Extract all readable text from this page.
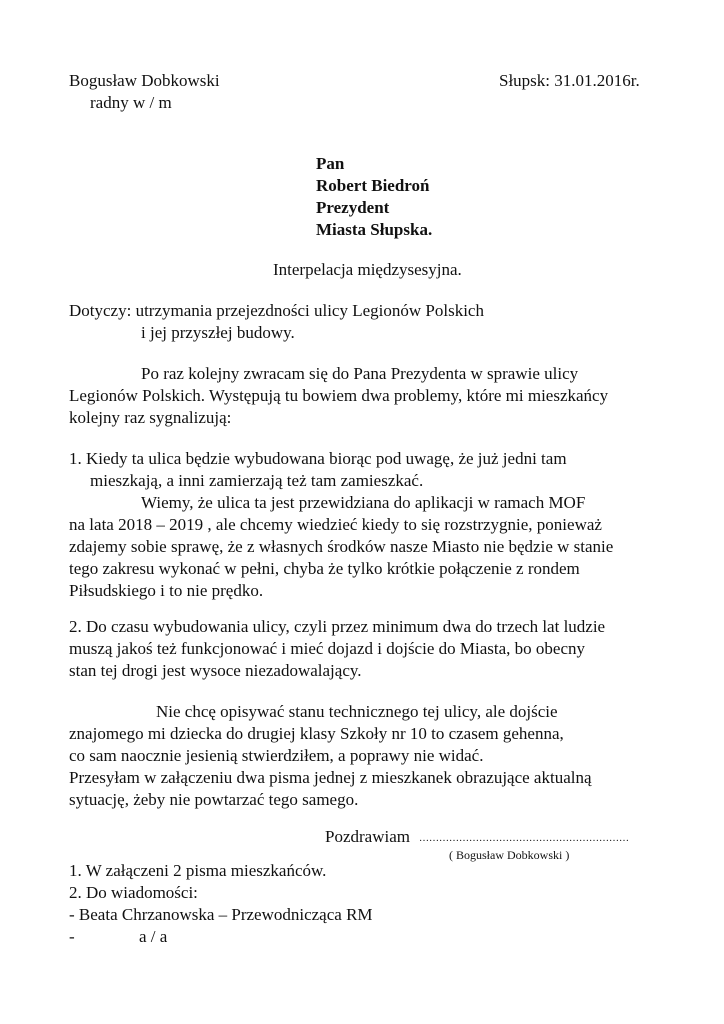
Bogusław Dobkowski
radny w / m
Słupsk: 31.01.2016r.
Pan
Robert Biedroń
Prezydent
Miasta Słupska.
Interpelacja międzysesyjna.
Dotyczy: utrzymania przejezdności ulicy Legionów Polskich
i jej przyszłej budowy.
Po raz kolejny zwracam się do Pana Prezydenta w sprawie ulicy
Legionów Polskich. Występują tu bowiem dwa problemy, które mi mieszkańcy
kolejny raz sygnalizują:
1. Kiedy ta ulica będzie wybudowana biorąc pod uwagę, że już jedni tam
mieszkają, a inni zamierzają też tam zamieszkać.
Wiemy, że ulica ta jest przewidziana do aplikacji w ramach MOF
na lata 2018 – 2019 , ale chcemy wiedzieć kiedy to się rozstrzygnie, ponieważ
zdajemy sobie sprawę, że z własnych środków nasze Miasto nie będzie w stanie
tego zakresu wykonać w pełni, chyba że tylko krótkie połączenie z rondem
Piłsudskiego i to nie prędko.
2. Do czasu wybudowania ulicy, czyli przez minimum dwa do trzech lat ludzie
muszą jakoś też funkcjonować i mieć dojazd i dojście do Miasta, bo obecny
stan tej drogi jest wysoce niezadowalający.
Nie chcę opisywać stanu technicznego tej ulicy, ale dojście
znajomego mi dziecka do drugiej klasy Szkoły nr 10 to czasem gehenna,
co sam naocznie jesienią stwierdziłem, a poprawy nie widać.
Przesyłam w załączeniu dwa pisma jednej z mieszkanek obrazujące aktualną
sytuację, żeby nie powtarzać tego samego.
Pozdrawiam ………………………………………………………
( Bogusław Dobkowski )
1. W załączeni 2 pisma mieszkańców.
2. Do wiadomości:
- Beata Chrzanowska – Przewodnicząca RM
-	a / a
